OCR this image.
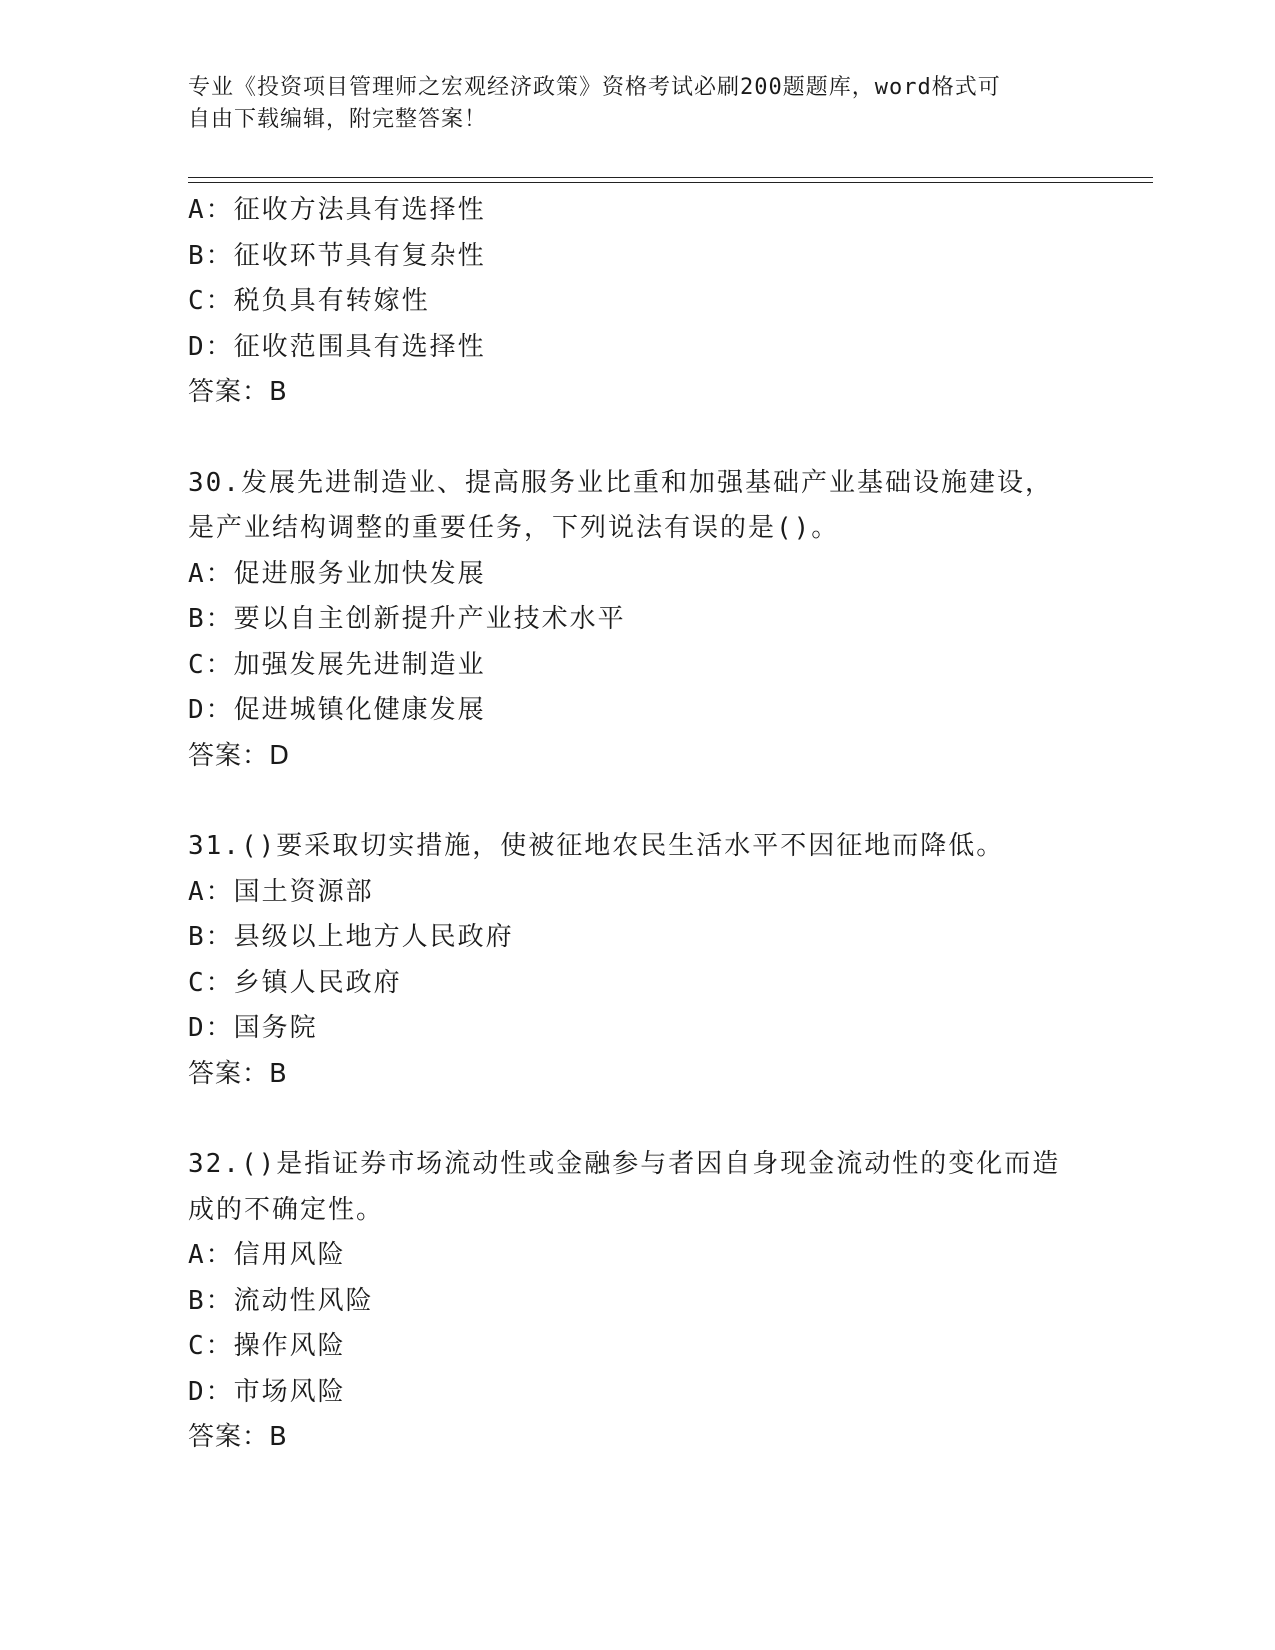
专业《投资项目管理师之宏观经济政策》资格考试必刷200题题库，word格式可
自由下载编辑，附完整答案！
A：征收方法具有选择性
B：征收环节具有复杂性
C：税负具有转嫁性
D：征收范围具有选择性
答案：B
30.发展先进制造业、提高服务业比重和加强基础产业基础设施建设，
是产业结构调整的重要任务，下列说法有误的是()。
A：促进服务业加快发展
B：要以自主创新提升产业技术水平
C：加强发展先进制造业
D：促进城镇化健康发展
答案：D
31.()要采取切实措施，使被征地农民生活水平不因征地而降低。
A：国土资源部
B：县级以上地方人民政府
C：乡镇人民政府
D：国务院
答案：B
32.()是指证券市场流动性或金融参与者因自身现金流动性的变化而造
成的不确定性。
A：信用风险
B：流动性风险
C：操作风险
D：市场风险
答案：B
